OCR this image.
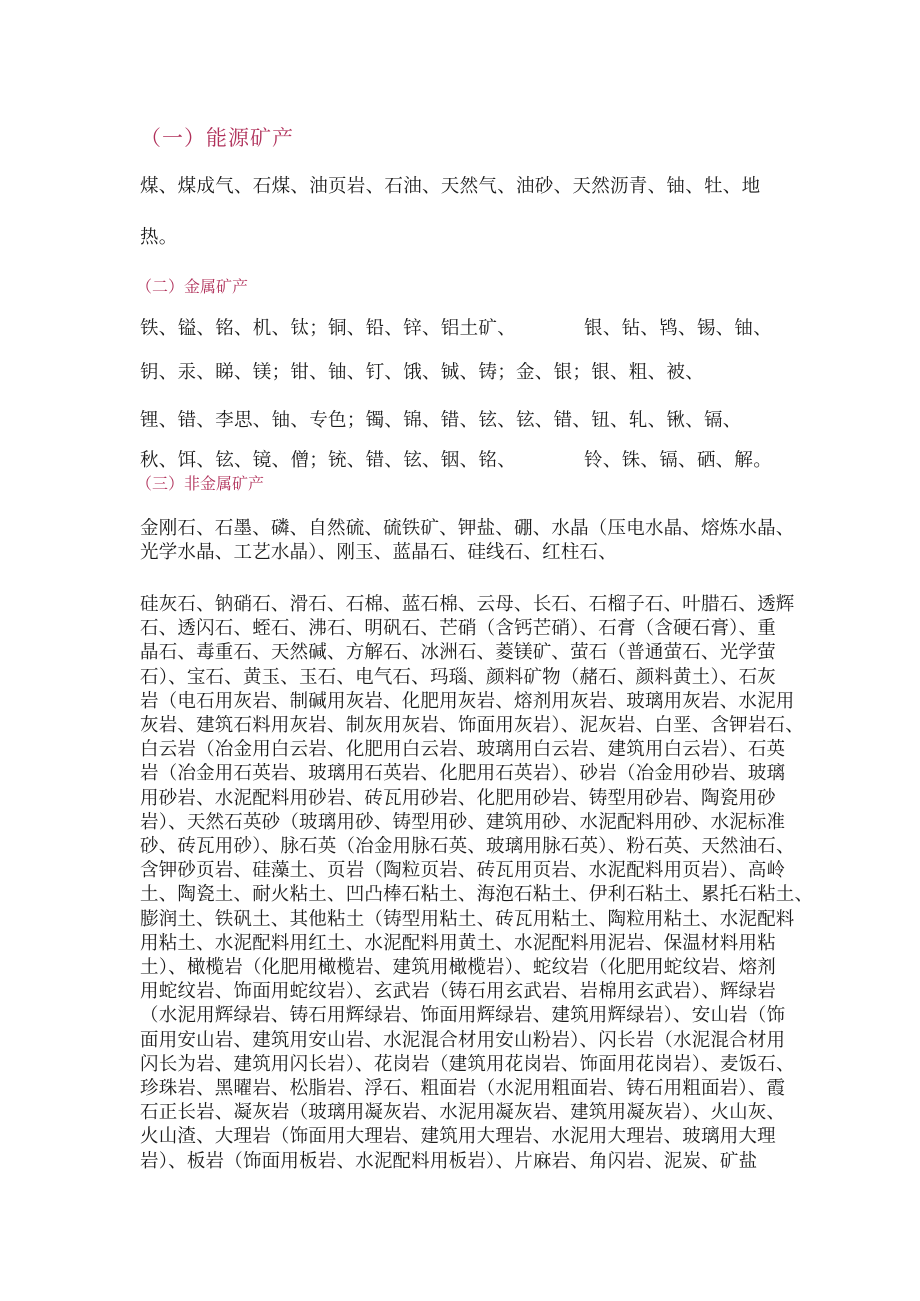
（一）能源矿产
煤、煤成气、石煤、油页岩、石油、天然气、油砂、天然沥青、铀、牡、地
热。
（二）金属矿产
铁、镒、铭、机、钛；铜、铅、锌、铝土矿、	银、钻、鸨、锡、铀、
钥、汞、睇、镁；钳、铀、钉、饿、铖、铸；金、银；银、粗、被、
锂、错、李思、铀、专色；镯、锦、错、铉、铉、错、钮、轧、锹、镉、
秋、饵、铉、镜、僧；铳、错、铉、铟、铭、	铃、铢、镉、硒、解。
（三）非金属矿产
金刚石、石墨、磷、自然硫、硫铁矿、钾盐、硼、水晶（压电水晶、熔炼水晶、
光学水晶、工艺水晶）、刚玉、蓝晶石、硅线石、红柱石、
硅灰石、钠硝石、滑石、石棉、蓝石棉、云母、长石、石榴子石、叶腊石、透辉
石、透闪石、蛭石、沸石、明矾石、芒硝（含钙芒硝）、石膏（含硬石膏）、重
晶石、毒重石、天然碱、方解石、冰洲石、菱镁矿、萤石（普通萤石、光学萤
石）、宝石、黄玉、玉石、电气石、玛瑙、颜料矿物（赭石、颜料黄土）、石灰
岩（电石用灰岩、制碱用灰岩、化肥用灰岩、熔剂用灰岩、玻璃用灰岩、水泥用
灰岩、建筑石料用灰岩、制灰用灰岩、饰面用灰岩）、泥灰岩、白垩、含钾岩石、
白云岩（冶金用白云岩、化肥用白云岩、玻璃用白云岩、建筑用白云岩）、石英
岩（冶金用石英岩、玻璃用石英岩、化肥用石英岩）、砂岩（冶金用砂岩、玻璃
用砂岩、水泥配料用砂岩、砖瓦用砂岩、化肥用砂岩、铸型用砂岩、陶瓷用砂
岩）、天然石英砂（玻璃用砂、铸型用砂、建筑用砂、水泥配料用砂、水泥标准
砂、砖瓦用砂）、脉石英（冶金用脉石英、玻璃用脉石英）、粉石英、天然油石、
含钾砂页岩、硅藻土、页岩（陶粒页岩、砖瓦用页岩、水泥配料用页岩）、高岭
土、陶瓷土、耐火粘土、凹凸棒石粘土、海泡石粘土、伊利石粘土、累托石粘土、
膨润土、铁矾土、其他粘土（铸型用粘土、砖瓦用粘土、陶粒用粘土、水泥配料
用粘土、水泥配料用红土、水泥配料用黄土、水泥配料用泥岩、保温材料用粘
土）、橄榄岩（化肥用橄榄岩、建筑用橄榄岩）、蛇纹岩（化肥用蛇纹岩、熔剂
用蛇纹岩、饰面用蛇纹岩）、玄武岩（铸石用玄武岩、岩棉用玄武岩）、辉绿岩
（水泥用辉绿岩、铸石用辉绿岩、饰面用辉绿岩、建筑用辉绿岩）、安山岩（饰
面用安山岩、建筑用安山岩、水泥混合材用安山粉岩）、闪长岩（水泥混合材用
闪长为岩、建筑用闪长岩）、花岗岩（建筑用花岗岩、饰面用花岗岩）、麦饭石、
珍珠岩、黑曜岩、松脂岩、浮石、粗面岩（水泥用粗面岩、铸石用粗面岩）、霞
石正长岩、凝灰岩（玻璃用凝灰岩、水泥用凝灰岩、建筑用凝灰岩）、火山灰、
火山渣、大理岩（饰面用大理岩、建筑用大理岩、水泥用大理岩、玻璃用大理
岩）、板岩（饰面用板岩、水泥配料用板岩）、片麻岩、角闪岩、泥炭、矿盐
